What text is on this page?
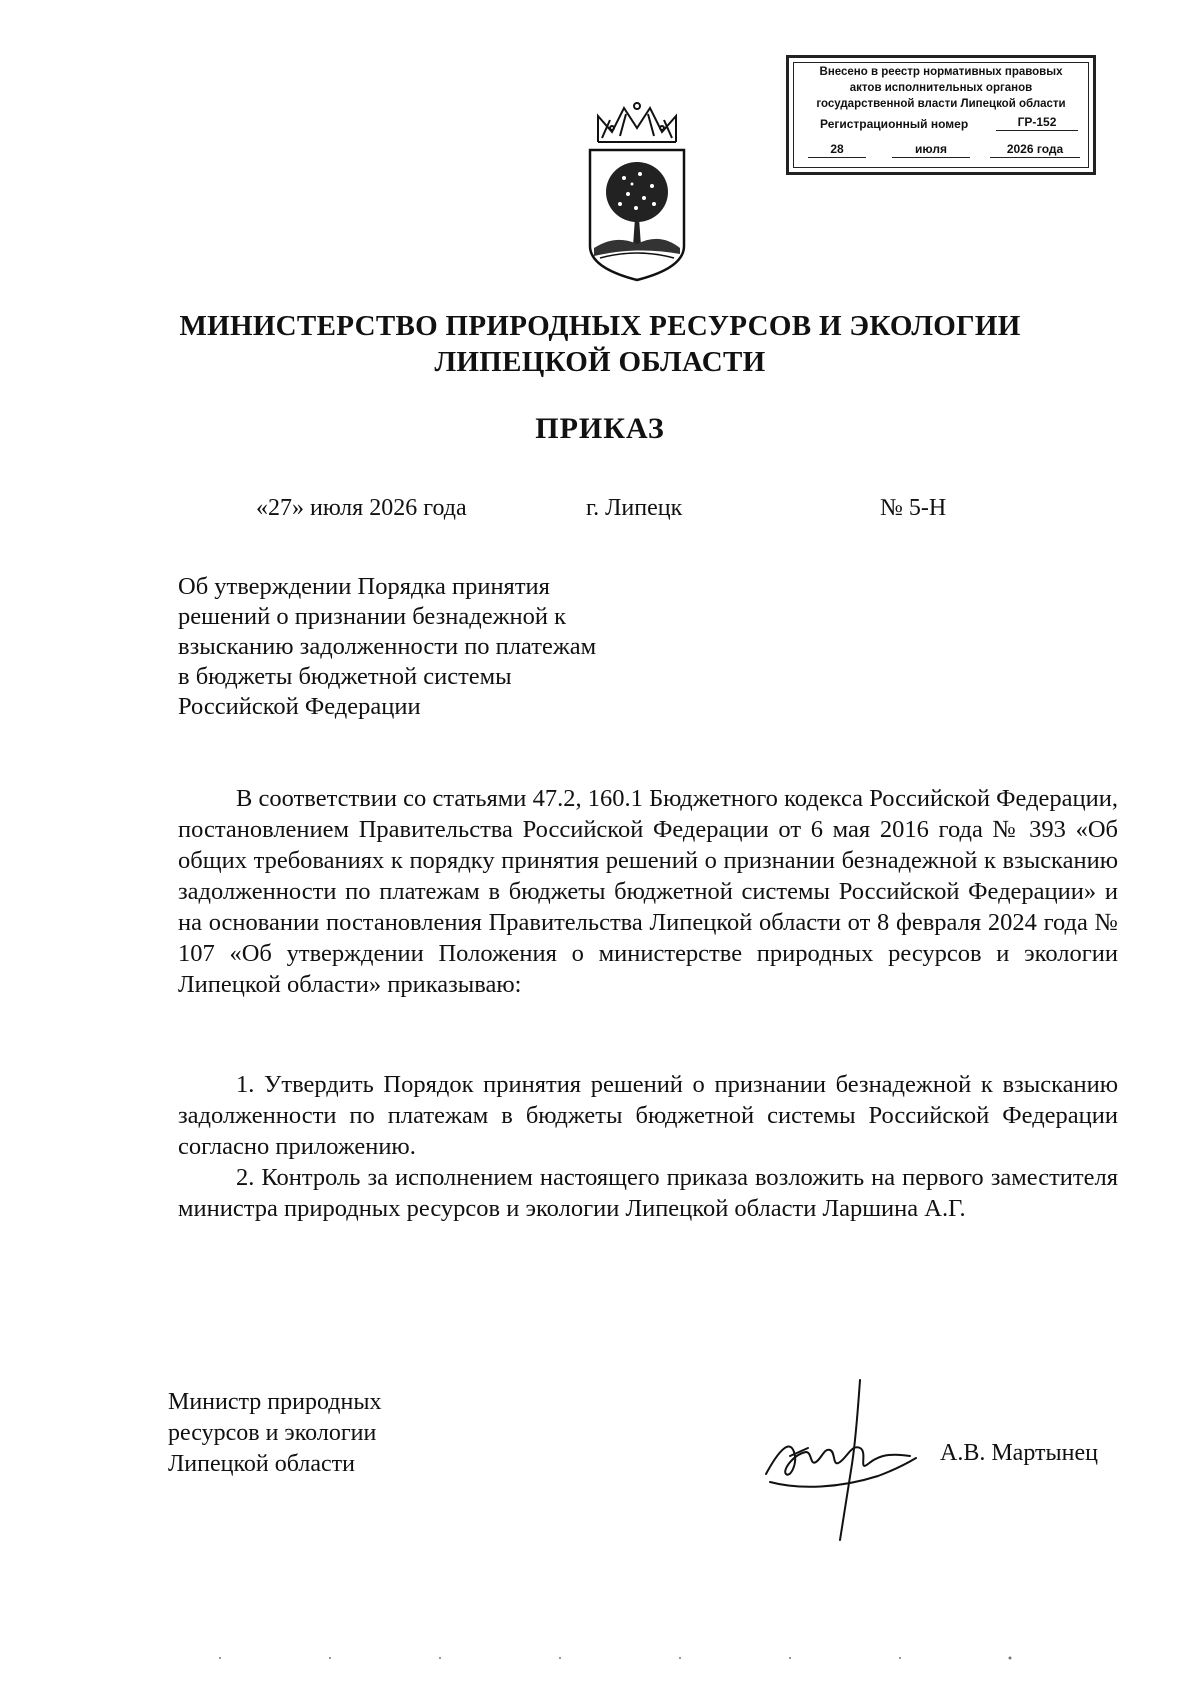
Внесено в реестр нормативных правовых
актов исполнительных органов
государственной власти Липецкой области
Регистрационный номер	ГР-152
28	июля	2026 года
МИНИСТЕРСТВО ПРИРОДНЫХ РЕСУРСОВ И ЭКОЛОГИИ
ЛИПЕЦКОЙ ОБЛАСТИ
ПРИКАЗ
«27» июля 2026 года	г. Липецк	№ 5-Н
Об утверждении Порядка принятия
решений о признании безнадежной к
взысканию задолженности по платежам
в бюджеты бюджетной системы
Российской Федерации

В соответствии со статьями 47.2, 160.1 Бюджетного кодекса Российской Федерации, постановлением Правительства Российской Федерации от 6 мая 2016 года № 393 «Об общих требованиях к порядку принятия решений о признании безнадежной к взысканию задолженности по платежам в бюджеты бюджетной системы Российской Федерации» и на основании постановления Правительства Липецкой области от 8 февраля 2024 года № 107 «Об утверждении Положения о министерстве природных ресурсов и экологии Липецкой области» приказываю:

1. Утвердить Порядок принятия решений о признании безнадежной к взысканию задолженности по платежам в бюджеты бюджетной системы Российской Федерации согласно приложению.

2. Контроль за исполнением настоящего приказа возложить на первого заместителя министра природных ресурсов и экологии Липецкой области Ларшина А.Г.

Министр природных
ресурсов и экологии
Липецкой области	А.В. Мартынец
